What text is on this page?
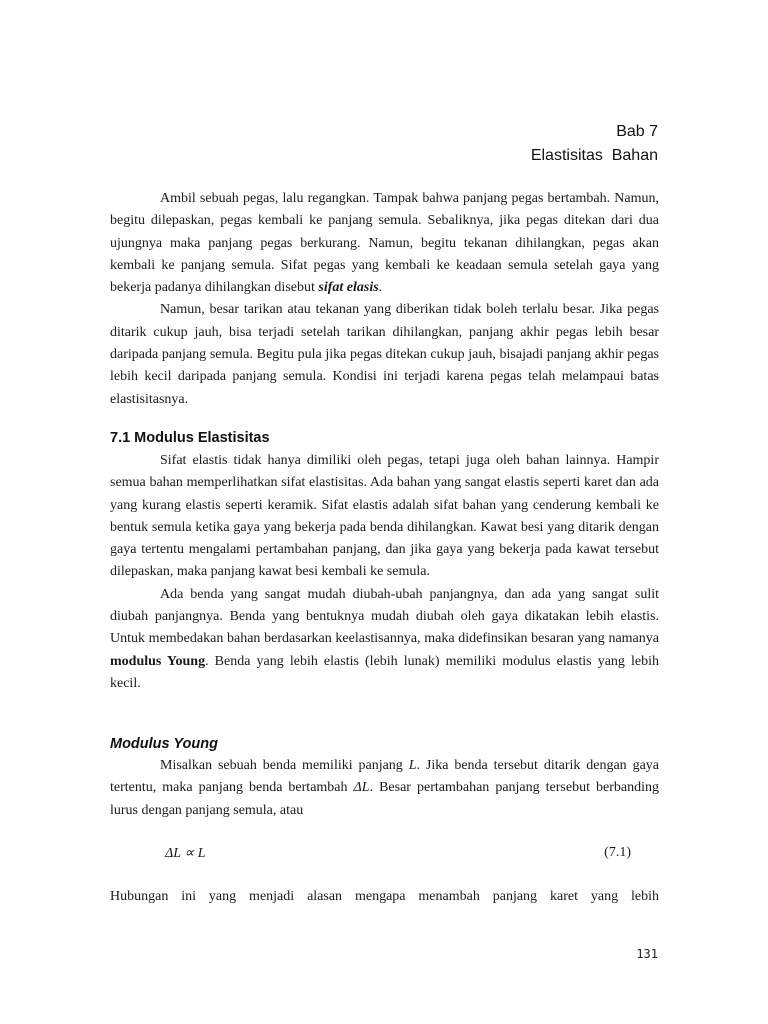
Bab 7
Elastisitas  Bahan

Ambil sebuah pegas, lalu regangkan. Tampak bahwa panjang pegas bertambah. Namun, begitu dilepaskan, pegas kembali ke panjang semula. Sebaliknya, jika pegas ditekan dari dua ujungnya maka panjang pegas berkurang. Namun, begitu tekanan dihilangkan, pegas akan kembali ke panjang semula. Sifat pegas yang kembali ke keadaan semula setelah gaya yang bekerja padanya dihilangkan disebut sifat elasis.

Namun, besar tarikan atau tekanan yang diberikan tidak boleh terlalu besar. Jika pegas ditarik cukup jauh, bisa terjadi setelah tarikan dihilangkan, panjang akhir pegas lebih besar daripada panjang semula. Begitu pula jika pegas ditekan cukup jauh, bisajadi panjang akhir pegas lebih kecil daripada panjang semula. Kondisi ini terjadi karena pegas telah melampaui batas elastisitasnya.

7.1 Modulus Elastisitas

Sifat elastis tidak hanya dimiliki oleh pegas, tetapi juga oleh bahan lainnya. Hampir semua bahan memperlihatkan sifat elastisitas. Ada bahan yang sangat elastis seperti karet dan ada yang kurang elastis seperti keramik. Sifat elastis adalah sifat bahan yang cenderung kembali ke bentuk semula ketika gaya yang bekerja pada benda dihilangkan. Kawat besi yang ditarik dengan gaya tertentu mengalami pertambahan panjang, dan jika gaya yang bekerja pada kawat tersebut dilepaskan, maka panjang kawat besi kembali ke semula.

Ada benda yang sangat mudah diubah-ubah panjangnya, dan ada yang sangat sulit diubah panjangnya. Benda yang bentuknya mudah diubah oleh gaya dikatakan lebih elastis. Untuk membedakan bahan berdasarkan keelastisannya, maka didefinsikan besaran yang namanya modulus Young. Benda yang lebih elastis (lebih lunak) memiliki modulus elastis yang lebih kecil.

Modulus Young

Misalkan sebuah benda memiliki panjang L. Jika benda tersebut ditarik dengan gaya tertentu, maka panjang benda bertambah ΔL. Besar pertambahan panjang tersebut berbanding lurus dengan panjang semula, atau

ΔL ∝ L	(7.1)

Hubungan ini yang menjadi alasan mengapa menambah panjang karet yang lebih

131
